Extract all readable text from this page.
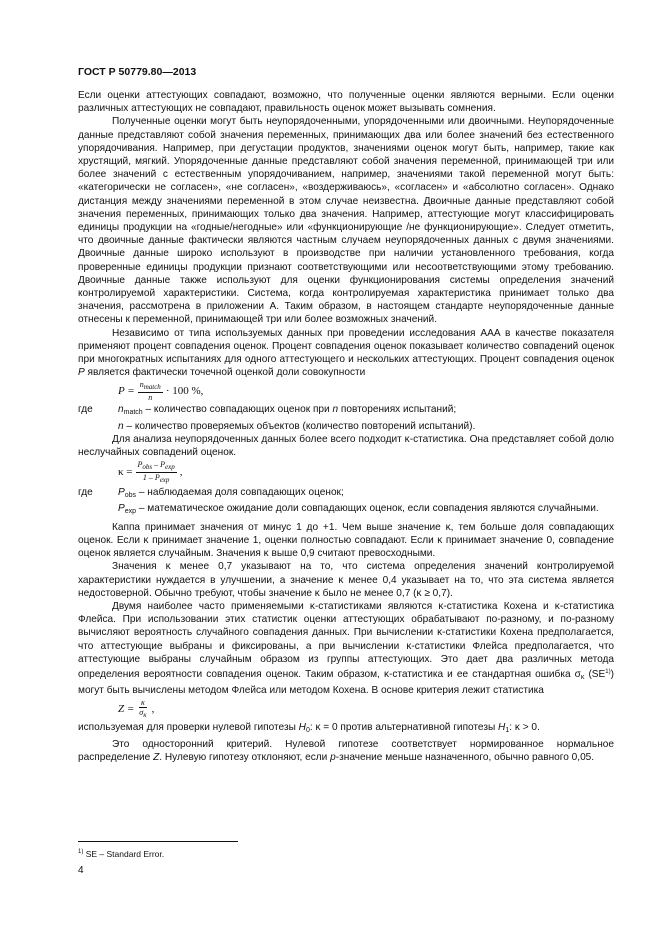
ГОСТ Р 50779.80—2013

Если оценки аттестующих совпадают, возможно, что полученные оценки являются верными. Если оценки различных аттестующих не совпадают, правильность оценок может вызывать сомнения.

Полученные оценки могут быть неупорядоченными, упорядоченными или двоичными. Неупорядоченные данные представляют собой значения переменных, принимающих два или более значений без естественного упорядочивания. Например, при дегустации продуктов, значениями оценок могут быть, например, такие как хрустящий, мягкий. Упорядоченные данные представляют собой значения переменной, принимающей три или более значений с естественным упорядочиванием, например, значениями такой переменной могут быть: «категорически не согласен», «не согласен», «воздерживаюсь», «согласен» и «абсолютно согласен». Однако дистанция между значениями переменной в этом случае неизвестна. Двоичные данные представляют собой значения переменных, принимающих только два значения. Например, аттестующие могут классифицировать единицы продукции на «годные/негодные» или «функционирующие /не функционирующие». Следует отметить, что двоичные данные фактически являются частным случаем неупорядоченных данных с двумя значениями. Двоичные данные широко используют в производстве при наличии установленного требования, когда проверенные единицы продукции признают соответствующими или несоответствующими этому требованию. Двоичные данные также используют для оценки функционирования системы определения значений контролируемой характеристики. Система, когда контролируемая характеристика принимает только два значения, рассмотрена в приложении А. Таким образом, в настоящем стандарте неупорядоченные данные отнесены к переменной, принимающей три или более возможных значений.

Независимо от типа используемых данных при проведении исследования AAA в качестве показателя применяют процент совпадения оценок. Процент совпадения оценок показывает количество совпадений оценок при многократных испытаниях для одного аттестующего и нескольких аттестующих. Процент совпадения оценок P является фактически точечной оценкой доли совокупности

$P = \frac{\text{nmatch}}{n} \cdot 100$ %,
где	$n_{match}$ – количество совпадающих оценок при n повторениях испытаний;
n – количество проверяемых объектов (количество повторений испытаний).

Для анализа неупорядоченных данных более всего подходит κ-статистика. Она представляет собой долю неслучайных совпадений оценок.

$\kappa = \frac{\text{Pobs – Pexp}}{1 - Pexp}$ ,
где	$P_{obs}$ – наблюдаемая доля совпадающих оценок;

$P_{exp}$ – математическое ожидание доли совпадающих оценок, если совпадения являются случайными.

Каппа принимает значения от минус 1 до +1. Чем выше значение κ, тем больше доля совпадающих оценок. Если κ принимает значение 1, оценки полностью совпадают. Если κ принимает значение 0, совпадение оценок является случайным. Значения κ выше 0,9 считают превосходными.

Значения κ менее 0,7 указывают на то, что система определения значений контролируемой характеристики нуждается в улучшении, а значение κ менее 0,4 указывает на то, что эта система является недостоверной. Обычно требуют, чтобы значение κ было не менее 0,7 (κ ≥ 0,7).

Двумя наиболее часто применяемыми κ-статистиками являются κ-статистика Кохена и κ-статистика Флейса. При использовании этих статистик оценки аттестующих обрабатывают по-разному, и по-разному вычисляют вероятность случайного совпадения данных. При вычислении κ-статистики Кохена предполагается, что аттестующие выбраны и фиксированы, а при вычислении κ-статистики Флейса предполагается, что аттестующие выбраны случайным образом из группы аттестующих. Это дает два различных метода определения вероятности совпадения оценок. Таким образом, κ-статистика и ее стандартная ошибка $\sigma_\kappa$ (SE$^{1)}$) могут быть вычислены методом Флейса или методом Кохена. В основе критерия лежит статистика

$Z = \frac{\kappa}{\sigma\kappa}$ ,

используемая для проверки нулевой гипотезы $H_0$: κ = 0 против альтернативной гипотезы $H_1$: κ > 0.

Это односторонний критерий. Нулевой гипотезе соответствует нормированное нормальное распределение Z. Нулевую гипотезу отклоняют, если p-значение меньше назначенного, обычно равного 0,05.

$^{1)}$ SE – Standard Error.
4
